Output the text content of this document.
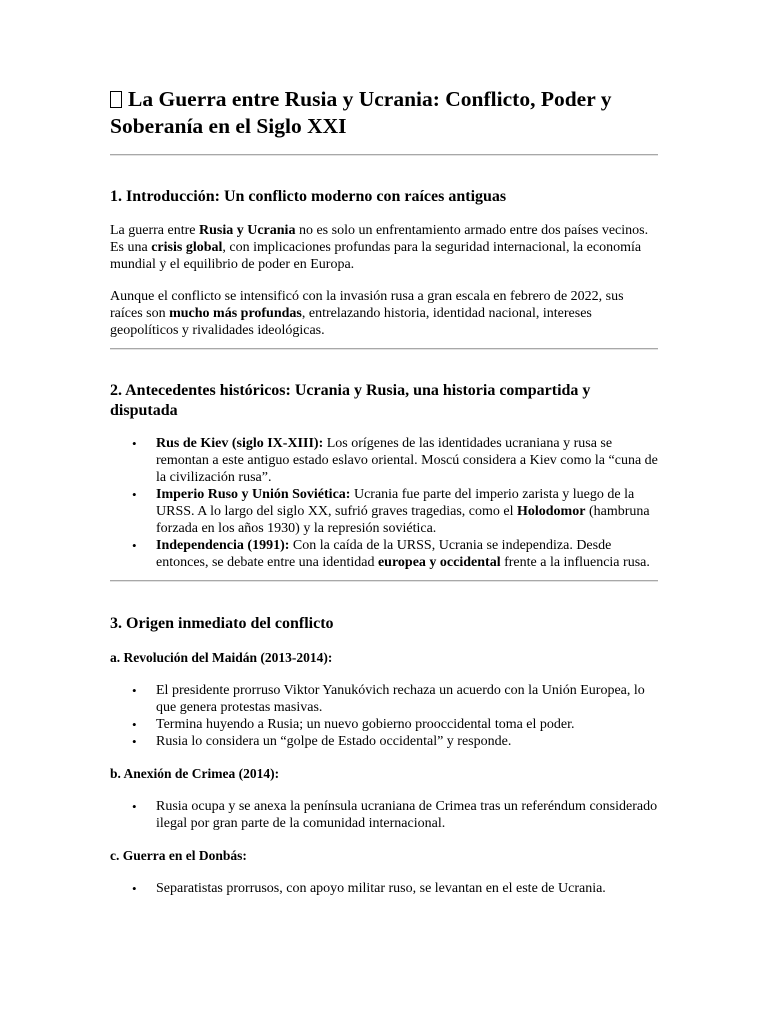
La Guerra entre Rusia y Ucrania: Conflicto, Poder y Soberanía en el Siglo XXI
1. Introducción: Un conflicto moderno con raíces antiguas

La guerra entre Rusia y Ucrania no es solo un enfrentamiento armado entre dos países vecinos. Es una crisis global, con implicaciones profundas para la seguridad internacional, la economía mundial y el equilibrio de poder en Europa.

Aunque el conflicto se intensificó con la invasión rusa a gran escala en febrero de 2022, sus raíces son mucho más profundas, entrelazando historia, identidad nacional, intereses geopolíticos y rivalidades ideológicas.

2. Antecedentes históricos: Ucrania y Rusia, una historia compartida y disputada
• Rus de Kiev (siglo IX-XIII): Los orígenes de las identidades ucraniana y rusa se remontan a este antiguo estado eslavo oriental. Moscú considera a Kiev como la “cuna de la civilización rusa”.
• Imperio Ruso y Unión Soviética: Ucrania fue parte del imperio zarista y luego de la URSS. A lo largo del siglo XX, sufrió graves tragedias, como el Holodomor (hambruna forzada en los años 1930) y la represión soviética.
• Independencia (1991): Con la caída de la URSS, Ucrania se independiza. Desde entonces, se debate entre una identidad europea y occidental frente a la influencia rusa.
3. Origen inmediato del conflicto
a. Revolución del Maidán (2013-2014):
• El presidente prorruso Viktor Yanukóvich rechaza un acuerdo con la Unión Europea, lo que genera protestas masivas.
• Termina huyendo a Rusia; un nuevo gobierno prooccidental toma el poder.
• Rusia lo considera un “golpe de Estado occidental” y responde.
b. Anexión de Crimea (2014):
• Rusia ocupa y se anexa la península ucraniana de Crimea tras un referéndum considerado ilegal por gran parte de la comunidad internacional.
c. Guerra en el Donbás:
• Separatistas prorrusos, con apoyo militar ruso, se levantan en el este de Ucrania.
